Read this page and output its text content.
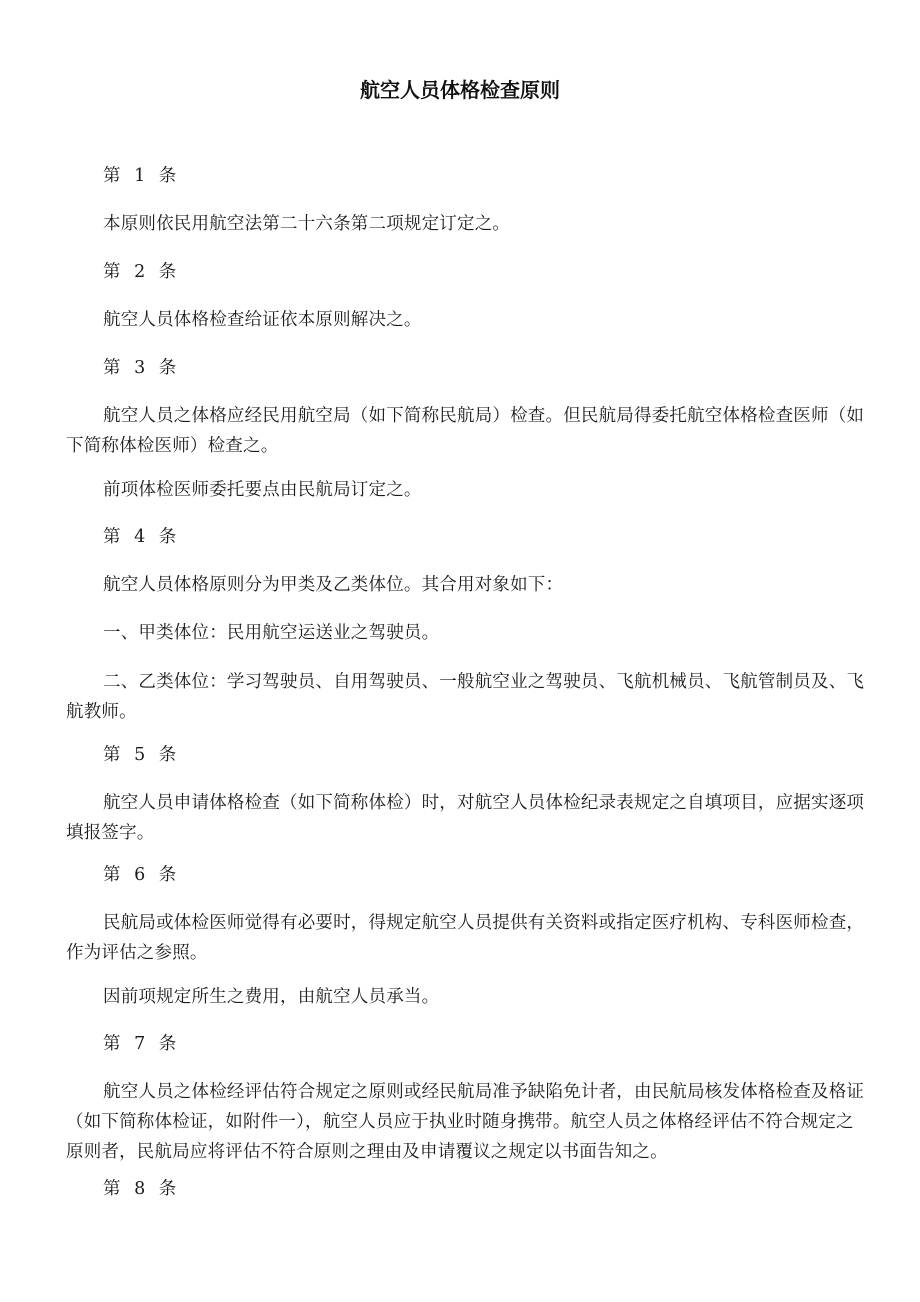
航空人员体格检查原则

第 1 条

本原则依民用航空法第二十六条第二项规定订定之。

第 2 条

航空人员体格检查给证依本原则解决之。

第 3 条

航空人员之体格应经民用航空局（如下简称民航局）检查。但民航局得委托航空体格检查医师（如下简称体检医师）检查之。

前项体检医师委托要点由民航局订定之。

第 4 条

航空人员体格原则分为甲类及乙类体位。其合用对象如下：

一、甲类体位：民用航空运送业之驾驶员。

二、乙类体位：学习驾驶员、自用驾驶员、一般航空业之驾驶员、飞航机械员、飞航管制员及、飞航教师。

第 5 条

航空人员申请体格检查（如下简称体检）时，对航空人员体检纪录表规定之自填项目，应据实逐项填报签字。

第 6 条

民航局或体检医师觉得有必要时，得规定航空人员提供有关资料或指定医疗机构、专科医师检查，作为评估之参照。

因前项规定所生之费用，由航空人员承当。

第 7 条

航空人员之体检经评估符合规定之原则或经民航局准予缺陷免计者，由民航局核发体格检查及格证（如下简称体检证，如附件一），航空人员应于执业时随身携带。航空人员之体格经评估不符合规定之原则者，民航局应将评估不符合原则之理由及申请覆议之规定以书面告知之。

第 8 条
